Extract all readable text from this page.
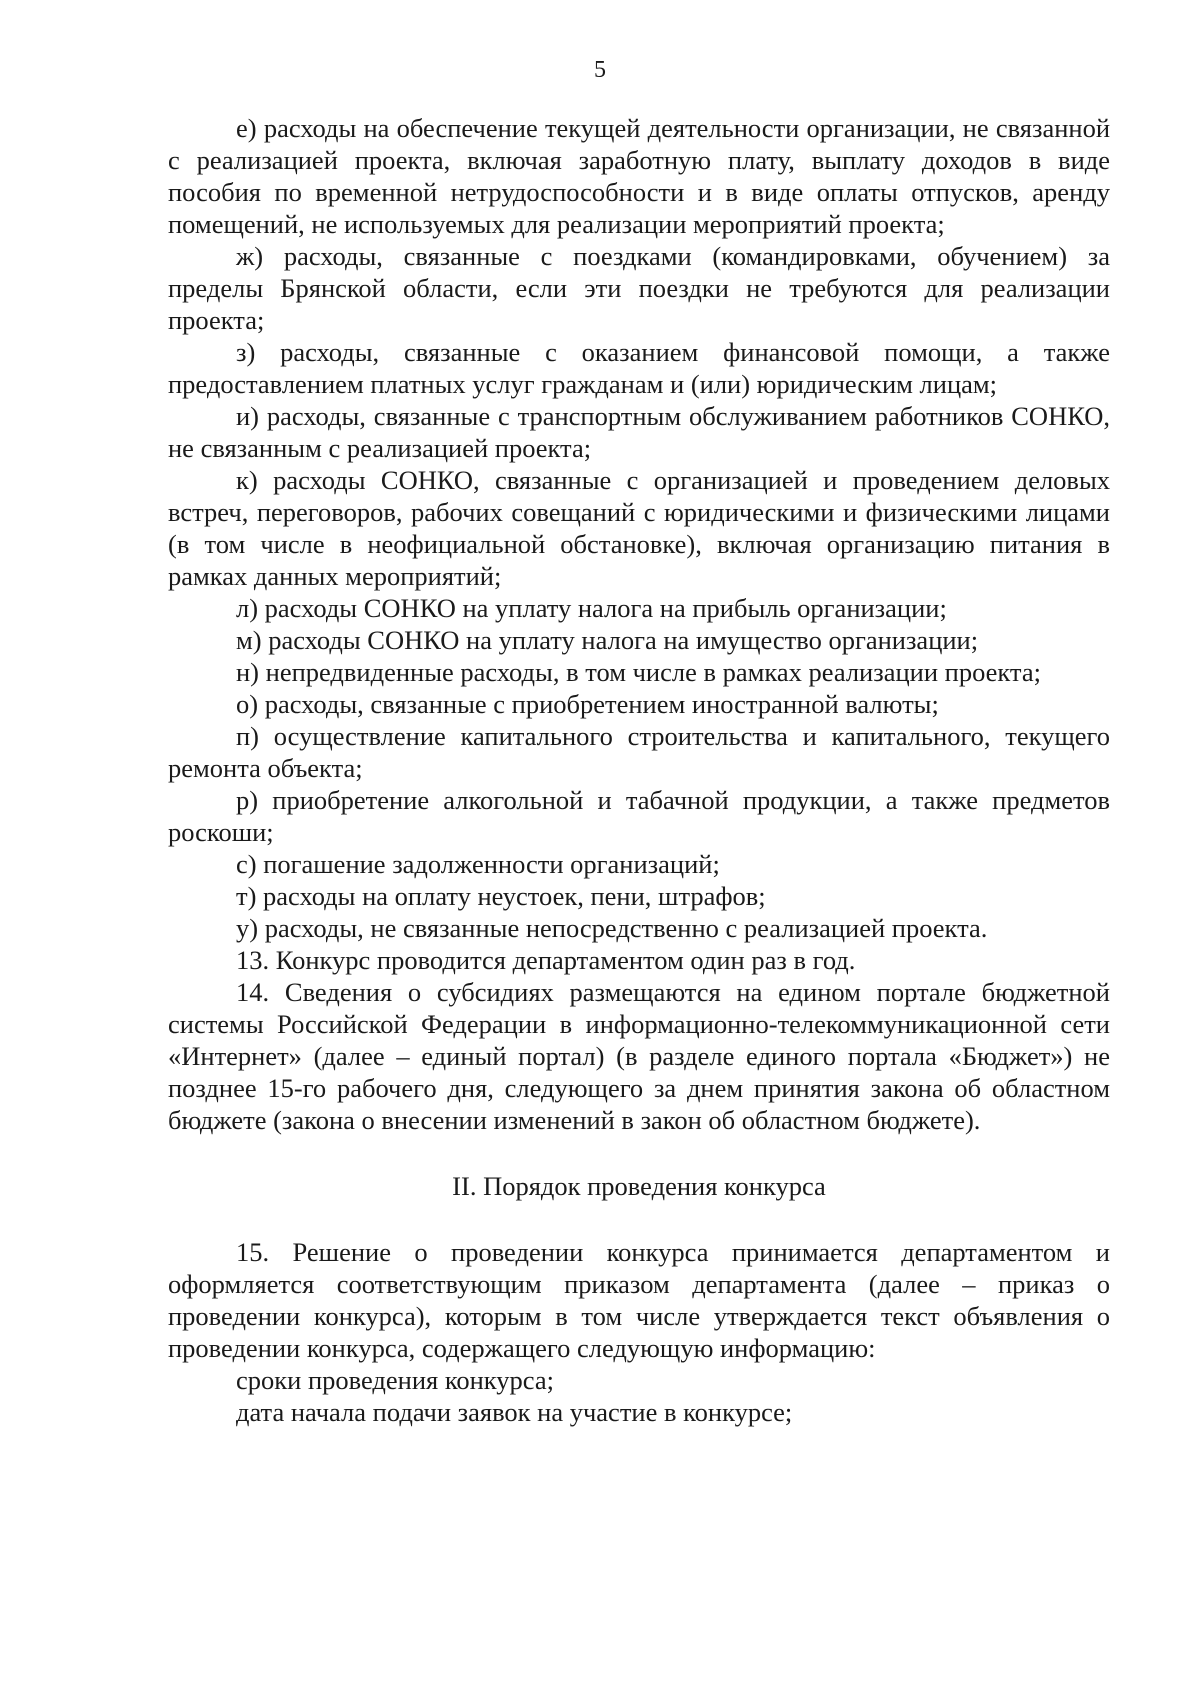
5

е) расходы на обеспечение текущей деятельности организации, не связанной с реализацией проекта, включая заработную плату, выплату доходов в виде пособия по временной нетрудоспособности и в виде оплаты отпусков, аренду помещений, не используемых для реализации мероприятий проекта;

ж) расходы, связанные с поездками (командировками, обучением) за пределы Брянской области, если эти поездки не требуются для реализации проекта;

з) расходы, связанные с оказанием финансовой помощи, а также предоставлением платных услуг гражданам и (или) юридическим лицам;

и) расходы, связанные с транспортным обслуживанием работников СОНКО, не связанным с реализацией проекта;

к) расходы СОНКО, связанные с организацией и проведением деловых встреч, переговоров, рабочих совещаний с юридическими и физическими лицами (в том числе в неофициальной обстановке), включая организацию питания в рамках данных мероприятий;

л) расходы СОНКО на уплату налога на прибыль организации;

м) расходы СОНКО на уплату налога на имущество организации;

н) непредвиденные расходы, в том числе в рамках реализации проекта;

о) расходы, связанные с приобретением иностранной валюты;

п) осуществление капитального строительства и капитального, текущего ремонта объекта;

р) приобретение алкогольной и табачной продукции, а также предметов роскоши;

с) погашение задолженности организаций;

т) расходы на оплату неустоек, пени, штрафов;

у) расходы, не связанные непосредственно с реализацией проекта.

13. Конкурс проводится департаментом один раз в год.

14. Сведения о субсидиях размещаются на едином портале бюджетной системы Российской Федерации в информационно-телекоммуникационной сети «Интернет» (далее – единый портал) (в разделе единого портала «Бюджет») не позднее 15-го рабочего дня, следующего за днем принятия закона об областном бюджете (закона о внесении изменений в закон об областном бюджете).

II. Порядок проведения конкурса

15. Решение о проведении конкурса принимается департаментом и оформляется соответствующим приказом департамента (далее – приказ о проведении конкурса), которым в том числе утверждается текст объявления о проведении конкурса, содержащего следующую информацию:

сроки проведения конкурса;

дата начала подачи заявок на участие в конкурсе;
